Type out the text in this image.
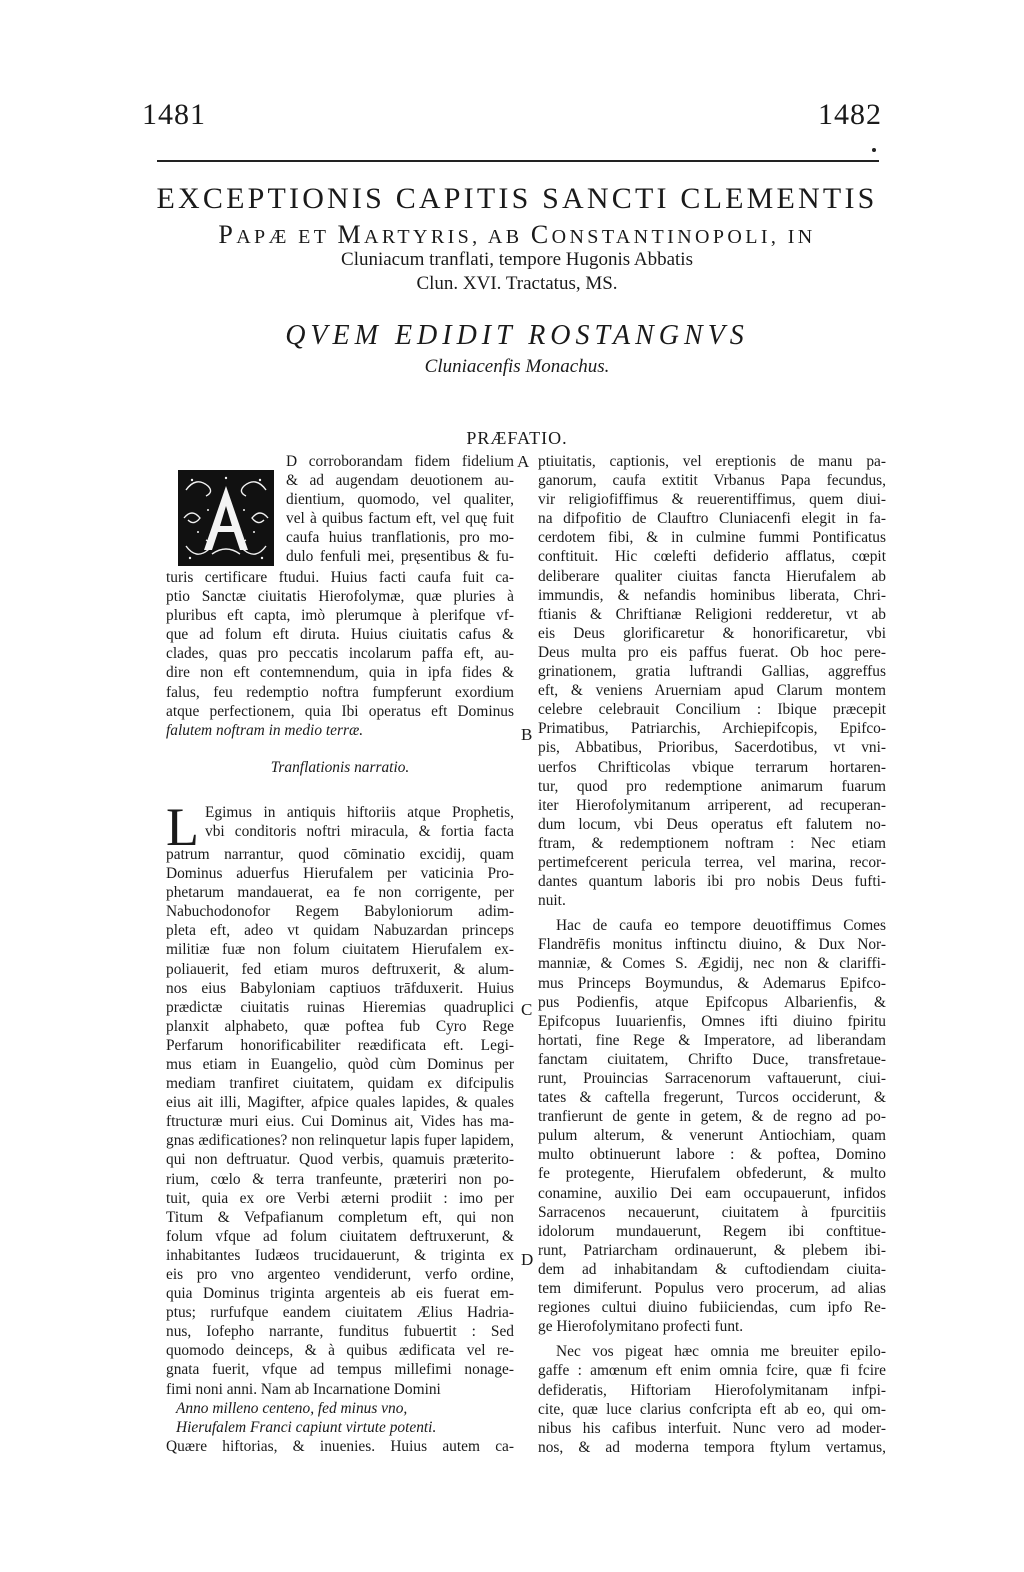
1481	1482
EXCEPTIONIS CAPITIS SANCTI CLEMENTIS
PAPÆ ET MARTYRIS, AB CONSTANTINOPOLI, IN
Cluniacum tranflati, tempore Hugonis Abbatis
Clun. XVI. Tractatus, MS.
QVEM EDIDIT ROSTANGNVS
Cluniacenfis Monachus.
PRÆFATIO.
A
B
C
D
D corroborandam fidem fidelium
& ad augendam deuotionem au-
dientium, quomodo, vel qualiter,
vel à quibus factum eft, vel quę fuit
caufa huius tranflationis, pro mo-
dulo fenfuli mei, pręsentibus & fu-
turis certificare ftudui. Huius facti caufa fuit ca-
ptio Sanctæ ciuitatis Hierofolymæ, quæ pluries à
pluribus eft capta, imò plerumque à plerifque vf-
que ad folum eft diruta. Huius ciuitatis cafus &
clades, quas pro peccatis incolarum paffa eft, au-
dire non eft contemnendum, quia in ipfa fides &
falus, feu redemptio noftra fumpferunt exordium
atque perfectionem, quia Ibi operatus eft Dominus
falutem noftram in medio terræ.
Tranflationis narratio.
L Egimus in antiquis hiftoriis atque Prophetis,
vbi conditoris noftri miracula, & fortia facta
patrum narrantur, quod cōminatio excidij, quam
Dominus aduerfus Hierufalem per vaticinia Pro-
phetarum mandauerat, ea fe non corrigente, per
Nabuchodonofor Regem Babyloniorum adim-
pleta eft, adeo vt quidam Nabuzardan princeps
militiæ fuæ non folum ciuitatem Hierufalem ex-
poliauerit, fed etiam muros deftruxerit, & alum-
nos eius Babyloniam captiuos trāfduxerit. Huius
prædictæ ciuitatis ruinas Hieremias quadruplici
planxit alphabeto, quæ poftea fub Cyro Rege
Perfarum honorificabiliter reædificata eft. Legi-
mus etiam in Euangelio, quòd cùm Dominus per
mediam tranfiret ciuitatem, quidam ex difcipulis
eius ait illi, Magifter, afpice quales lapides, & quales
ftructuræ muri eius. Cui Dominus ait, Vides has ma-
gnas ædificationes? non relinquetur lapis fuper lapidem,
qui non deftruatur. Quod verbis, quamuis præterito-
rium, cœlo & terra tranfeunte, præteriri non po-
tuit, quia ex ore Verbi æterni prodiit : imo per
Titum & Vefpafianum completum eft, qui non
folum vfque ad folum ciuitatem deftruxerunt, &
inhabitantes Iudæos trucidauerunt, & triginta ex
eis pro vno argenteo vendiderunt, verfo ordine,
quia Dominus triginta argenteis ab eis fuerat em-
ptus; rurfufque eandem ciuitatem Ælius Hadria-
nus, Iofepho narrante, funditus fubuertit : Sed
quomodo deinceps, & à quibus ædificata vel re-
gnata fuerit, vfque ad tempus millefimi nonage-
fimi noni anni. Nam ab Incarnatione Domini
Anno milleno centeno, fed minus vno,
Hierufalem Franci capiunt virtute potenti.
Quære hiftorias, & inuenies. Huius autem ca-
ptiuitatis, captionis, vel ereptionis de manu pa-
ganorum, caufa extitit Vrbanus Papa fecundus,
vir religiofiffimus & reuerentiffimus, quem diui-
na difpofitio de Clauftro Cluniacenfi elegit in fa-
cerdotem fibi, & in culmine fummi Pontificatus
conftituit. Hic cœlefti defiderio afflatus, cœpit
deliberare qualiter ciuitas fancta Hierufalem ab
immundis, & nefandis hominibus liberata, Chri-
ftianis & Chriftianæ Religioni redderetur, vt ab
eis Deus glorificaretur & honorificaretur, vbi
Deus multa pro eis paffus fuerat. Ob hoc pere-
grinationem, gratia luftrandi Gallias, aggreffus
eft, & veniens Aruerniam apud Clarum montem
celebre celebrauit Concilium : Ibique præcepit
Primatibus, Patriarchis, Archiepifcopis, Epifco-
pis, Abbatibus, Prioribus, Sacerdotibus, vt vni-
uerfos Chrifticolas vbique terrarum hortaren-
tur, quod pro redemptione animarum fuarum
iter Hierofolymitanum arriperent, ad recuperan-
dum locum, vbi Deus operatus eft falutem no-
ftram, & redemptionem noftram : Nec etiam
pertimefcerent pericula terrea, vel marina, recor-
dantes quantum laboris ibi pro nobis Deus fufti-
nuit.
Hac de caufa eo tempore deuotiffimus Comes
Flandrēfis monitus inftinctu diuino, & Dux Nor-
manniæ, & Comes S. Ægidij, nec non & clariffi-
mus Princeps Boymundus, & Ademarus Epifco-
pus Podienfis, atque Epifcopus Albarienfis, &
Epifcopus Iuuarienfis, Omnes ifti diuino fpiritu
hortati, fine Rege & Imperatore, ad liberandam
fanctam ciuitatem, Chrifto Duce, transfretaue-
runt, Prouincias Sarracenorum vaftauerunt, ciui-
tates & caftella fregerunt, Turcos occiderunt, &
tranfierunt de gente in getem, & de regno ad po-
pulum alterum, & venerunt Antiochiam, quam
multo obtinuerunt labore : & poftea, Domino
fe protegente, Hierufalem obfederunt, & multo
conamine, auxilio Dei eam occupauerunt, infidos
Sarracenos necauerunt, ciuitatem à fpurcitiis
idolorum mundauerunt, Regem ibi conftitue-
runt, Patriarcham ordinauerunt, & plebem ibi-
dem ad inhabitandam & cuftodiendam ciuita-
tem dimiferunt. Populus vero procerum, ad alias
regiones cultui diuino fubiiciendas, cum ipfo Re-
ge Hierofolymitano profecti funt.
Nec vos pigeat hæc omnia me breuiter epilo-
gaffe : amœnum eft enim omnia fcire, quæ fi fcire
defideratis, Hiftoriam Hierofolymitanam infpi-
cite, quæ luce clarius confcripta eft ab eo, qui om-
nibus his cafibus interfuit. Nunc vero ad moder-
nos, & ad moderna tempora ftylum vertamus,
